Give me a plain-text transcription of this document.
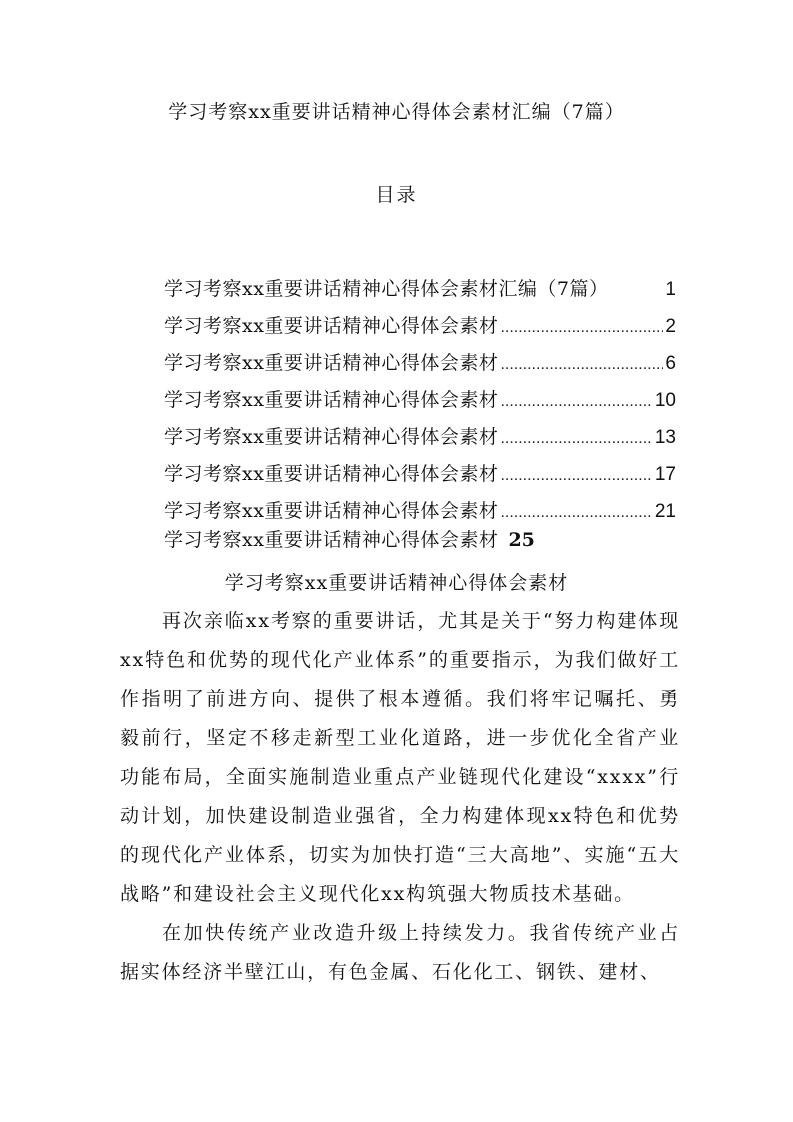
学习考察xx重要讲话精神心得体会素材汇编（7篇）
目录
学习考察xx重要讲话精神心得体会素材汇编（7篇）	1
学习考察xx重要讲话精神心得体会素材 .....	2
学习考察xx重要讲话精神心得体会素材 .....	6
学习考察xx重要讲话精神心得体会素材 .....	10
学习考察xx重要讲话精神心得体会素材 .....	13
学习考察xx重要讲话精神心得体会素材 .....	17
学习考察xx重要讲话精神心得体会素材 .....	21
学习考察xx重要讲话精神心得体会素材 25
学习考察xx重要讲话精神心得体会素材

再次亲临xx考察的重要讲话，尤其是关于“努力构建体现xx特色和优势的现代化产业体系”的重要指示，为我们做好工作指明了前进方向、提供了根本遵循。我们将牢记嘱托、勇毅前行，坚定不移走新型工业化道路，进一步优化全省产业功能布局，全面实施制造业重点产业链现代化建设“xxxx”行动计划，加快建设制造业强省，全力构建体现xx特色和优势的现代化产业体系，切实为加快打造“三大高地”、实施“五大战略”和建设社会主义现代化xx构筑强大物质技术基础。

在加快传统产业改造升级上持续发力。我省传统产业占据实体经济半壁江山，有色金属、石化化工、钢铁、建材、
